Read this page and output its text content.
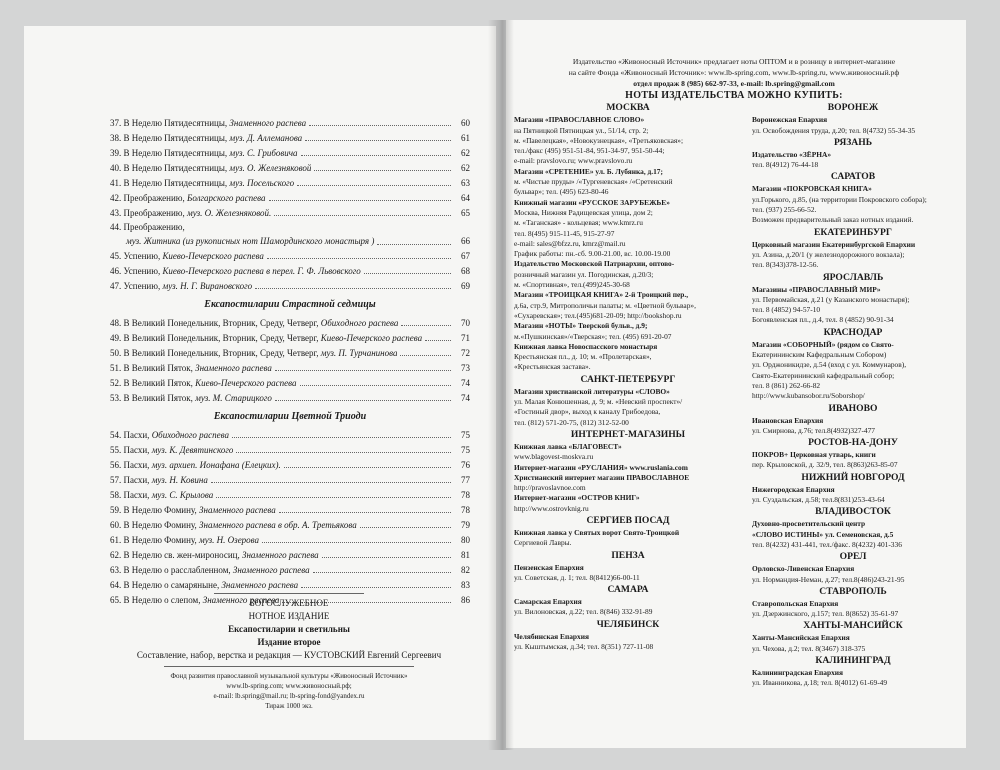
37. В Неделю Пятидесятницы, Знаменного распева	60
38. В Неделю Пятидесятницы, муз. Д. Аллеманова	61
39. В Неделю Пятидесятницы, муз. С. Грибовича	62
40. В Неделю Пятидесятницы, муз. О. Железняковой	62
41. В Неделю Пятидесятницы, муз. Посельского	63
42. Преображению, Болгарского распева	64
43. Преображению, муз. О. Железняковой.	65
44. Преображению,
муз. Житника (из рукописных нот Шамординского монастыря )	66
45. Успению, Киево-Печерского распева	67
46. Успению, Киево-Печерского распева в перел. Г. Ф. Львовского	68
47. Успению, муз. Н. Г. Вирановского	69
Ексапостиларии Страстной седмицы
48. В Великий Понедельник, Вторник, Среду, Четверг, Обихoдного распева	70
49. В Великий Понедельник, Вторник, Среду, Четверг, Киево-Печерского распева	71
50. В Великий Понедельник, Вторник, Среду, Четверг, муз. П. Турчанинова	72
51. В Великий Пяток, Знаменного распева	73
52. В Великий Пяток, Киево-Печерского распева	74
53. В Великий Пяток, муз. М. Старицкого	74
Ексапостиларии Цветной Триоди
54. Пасхи, Обиходного распева	75
55. Пасхи, муз. К. Девятинского	75
56. Пасхи, муз. архиеп. Ионафана (Елецких).	76
57. Пасхи, муз. Н. Ковина	77
58. Пасхи, муз. С. Крылова	78
59. В Неделю Фомину, Знаменного распева	78
60. В Неделю Фомину, Знаменного распева в обр. А. Третьякова	79
61. В Неделю Фомину, муз. Н. Озерова	80
62. В Неделю св. жен-мироносиц, Знаменного распева	81
63. В Неделю о расслабленном, Знаменного распева	82
64. В Неделю о самаряныне, Знаменного распева	83
65. В Неделю о слепом, Знаменного распева	86
БОГОСЛУЖЕБНОЕ
НОТНОЕ ИЗДАНИЕ
Ексапостиларии и светильны
Издание второе
Составление, набор, верстка и редакция — КУСТОВСКИЙ Евгений Сергеевич
Фонд развития православной музыкальной культуры «Живоносный Источник»
www.lb-spring.com; www.живоносный.рф;
e-mail: lb.spring@mail.ru; lb-spring-fond@yandex.ru
Тираж 1000 экз.
Издательство «Живоносный Источник» предлагает ноты ОПТОМ и в розницу в интернет-магазине
на сайте Фонда «Живоносный Источник»: www.lb-spring.com, www.lb-spring.ru, www.живоносный.рф
отдел продаж 8 (985) 662-97-33, e-mail: lb.spring@gmail.com
НОТЫ ИЗДАТЕЛЬСТВА МОЖНО КУПИТЬ:
МОСКВА
Магазин «ПРАВОСЛАВНОЕ СЛОВО»
на Пятницкой Пятницкая ул., 51/14, стр. 2;
м. «Павелецкая», «Новокузнецкая», «Третьяковская»;
тел./факс (495) 951-51-84, 951-34-97, 951-50-44;
e-mail: pravslovo.ru; www.pravslovo.ru
Магазин «СРЕТЕНИЕ» ул. Б. Лубянка, д.17;
м. «Чистые пруды» /«Тургеневская» /«Сретенский
бульвар»; тел. (495) 623-80-46
Книжный магазин «РУССКОЕ ЗАРУБЕЖЬЕ»
Москва, Нижняя Радищевская улица, дом 2;
м. «Таганская» - кольцевая; www.kmrz.ru
тел. 8(495) 915-11-45, 915-27-97
e-mail: sales@bfzz.ru, kmrz@mail.ru
График работы: пн.-сб. 9.00-21.00, вс. 10.00-19.00
Издательство Московской Патриархии, оптово-
розничный магазин ул. Погодинская, д.20/3;
м. «Спортивная», тел.(499)245-30-68
Магазин «ТРОИЦКАЯ КНИГА» 2-й Троицкий пер.,
д.6а, стр.9, Митрополичьи палаты; м. «Цветной бульвар»,
«Сухаревская»; тел.(495)681-20-09; http://bookshop.ru
Магазин «НОТЫ» Тверской бульв., д.9;
м.«Пушкинская»/«Тверская»; тел. (495) 691-20-07
Книжная лавка Новоспасского монастыря
Крестьянская пл., д. 10; м. «Пролетарская»,
«Крестьянская застава».
САНКТ-ПЕТЕРБУРГ
Магазин христианской литературы «СЛОВО»
ул. Малая Конюшенная, д. 9; м. «Невский проспект»/
«Гостиный двор», выход к каналу Грибоедова,
тел. (812) 571-20-75, (812) 312-52-00
ИНТЕРНЕТ-МАГАЗИНЫ
Книжная лавка «БЛАГОВЕСТ»
www.blagovest-moskva.ru
Интернет-магазин «РУСЛАНИЯ» www.ruslania.com
Христианский интернет магазин ПРАВОСЛАВНОЕ
http://pravoslavnoe.com
Интернет-магазин «ОСТРОВ КНИГ»
http://www.ostrovknig.ru
СЕРГИЕВ ПОСАД
Книжная лавка у Святых ворот Свято-Троицкой
Сергиевой Лавры.
ПЕНЗА
Пензенская Епархия
ул. Советская, д. 1; тел. 8(8412)66-00-11
САМАРА
Самарская Епархия
ул. Вилоновская, д.22; тел. 8(846) 332-91-89
ЧЕЛЯБИНСК
Челябинская Епархия
ул. Кыштымская, д.34; тел. 8(351) 727-11-08
ВОРОНЕЖ
Воронежская Епархия
ул. Освобождения труда, д.20; тел. 8(4732) 55-34-35
РЯЗАНЬ
Издательство «ЗЁРНА»
тел. 8(4912) 76-44-18
САРАТОВ
Магазин «ПОКРОВСКАЯ КНИГА»
ул.Горького, д.85, (на территории Покровского собора);
тел. (937) 255-66-52.
Возможен предварительный заказ нотных изданий.
ЕКАТЕРИНБУРГ
Церковный магазин Екатеринбургской Епархии
ул. Азина, д.20/1 (у железнодорожного вокзала);
тел. 8(343)378-12-56.
ЯРОСЛАВЛЬ
Магазины «ПРАВОСЛАВНЫЙ МИР»
ул. Первомайская, д.21 (у Казанского монастыря);
тел. 8 (4852) 94-57-10
Богоявленская пл., д.4, тел. 8 (4852) 90-91-34
КРАСНОДАР
Магазин «СОБОРНЫЙ» (рядом со Свято-
Екатерининским Кафедральным Собором)
ул. Орджоникидзе, д.54 (вход с ул. Коммунаров),
Свято-Екатерининский кафедральный собор;
тел. 8 (861) 262-66-82
http://www.kubansobor.ru/Soborshop/
ИВАНОВО
Ивановская Епархия
ул. Смирнова, д.76; тел.8(4932)327-477
РОСТОВ-НА-ДОНУ
ПОКРОВ+ Церковная утварь, книги
пер. Крыловской, д. 32/9, тел. 8(863)263-85-07
НИЖНИЙ НОВГОРОД
Нижегородская Епархия
ул. Суздальская, д.58; тел.8(831)253-43-64
ВЛАДИВОСТОК
Духовно-просветительский центр
«СЛОВО ИСТИНЫ» ул. Семеновская, д.5
тел. 8(4232) 431-441, тел./факс. 8(4232) 401-336
ОРЕЛ
Орловско-Ливенская Епархия
ул. Нормандия-Неман, д.27; тел.8(486)243-21-95
СТАВРОПОЛЬ
Ставропольская Епархия
ул. Дзержинского, д.157; тел. 8(8652) 35-61-97
ХАНТЫ-МАНСИЙСК
Ханты-Мансийская Епархия
ул. Чехова, д.2; тел. 8(3467) 318-375
КАЛИНИНГРАД
Калининградская Епархия
ул. Иванникова, д.18; тел. 8(4012) 61-69-49
